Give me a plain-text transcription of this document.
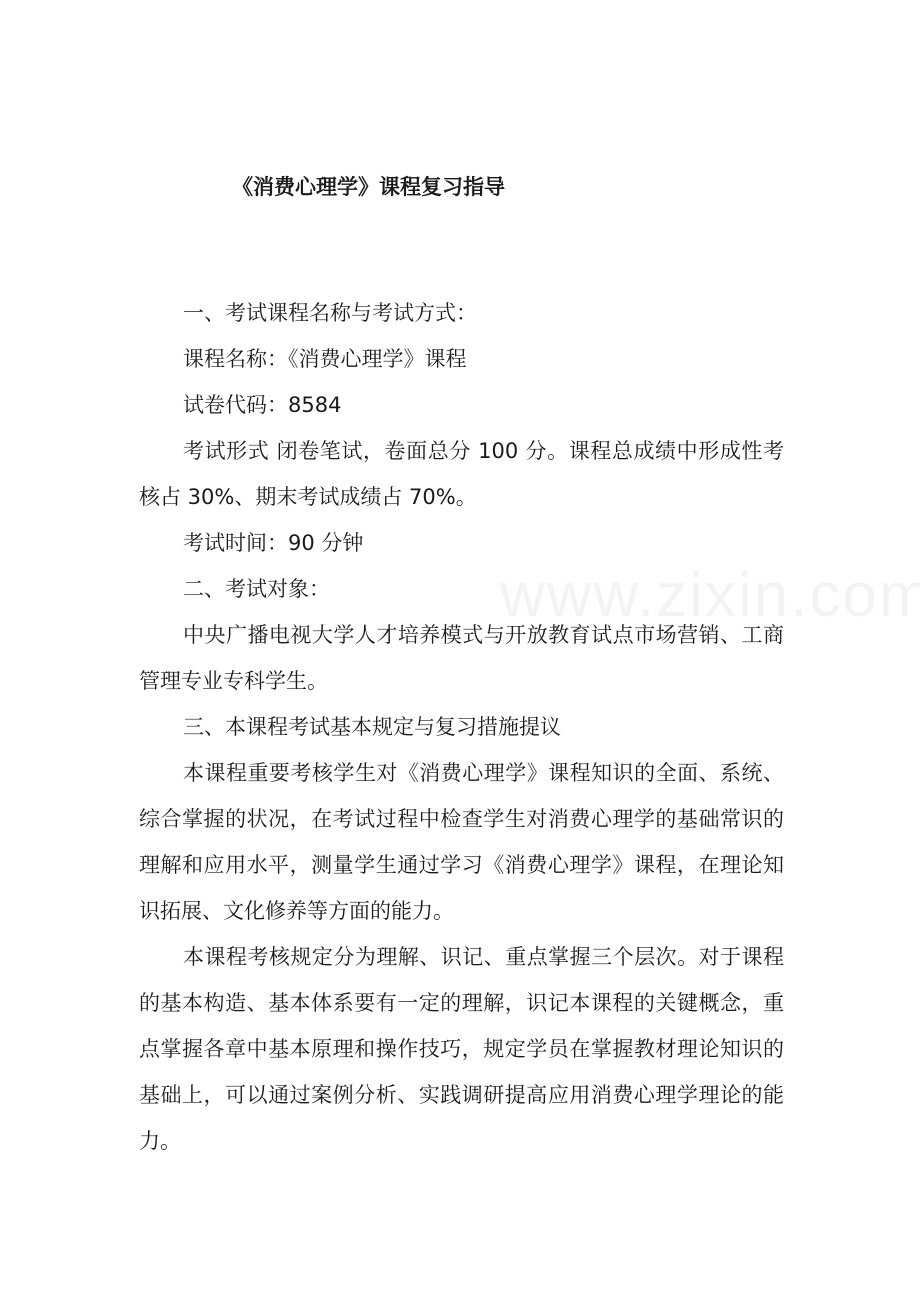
《消费心理学》课程复习指导

一、考试课程名称与考试方式：

课程名称：《消费心理学》课程

试卷代码：8584

考试形式 闭卷笔试，卷面总分 100 分。课程总成绩中形成性考核占 30%、期末考试成绩占 70%。

考试时间：90 分钟

二、考试对象：

中央广播电视大学人才培养模式与开放教育试点市场营销、工商管理专业专科学生。

三、本课程考试基本规定与复习措施提议

本课程重要考核学生对《消费心理学》课程知识的全面、系统、综合掌握的状况，在考试过程中检查学生对消费心理学的基础常识的理解和应用水平，测量学生通过学习《消费心理学》课程，在理论知识拓展、文化修养等方面的能力。

本课程考核规定分为理解、识记、重点掌握三个层次。对于课程的基本构造、基本体系要有一定的理解，识记本课程的关键概念，重点掌握各章中基本原理和操作技巧，规定学员在掌握教材理论知识的基础上，可以通过案例分析、实践调研提高应用消费心理学理论的能力。
